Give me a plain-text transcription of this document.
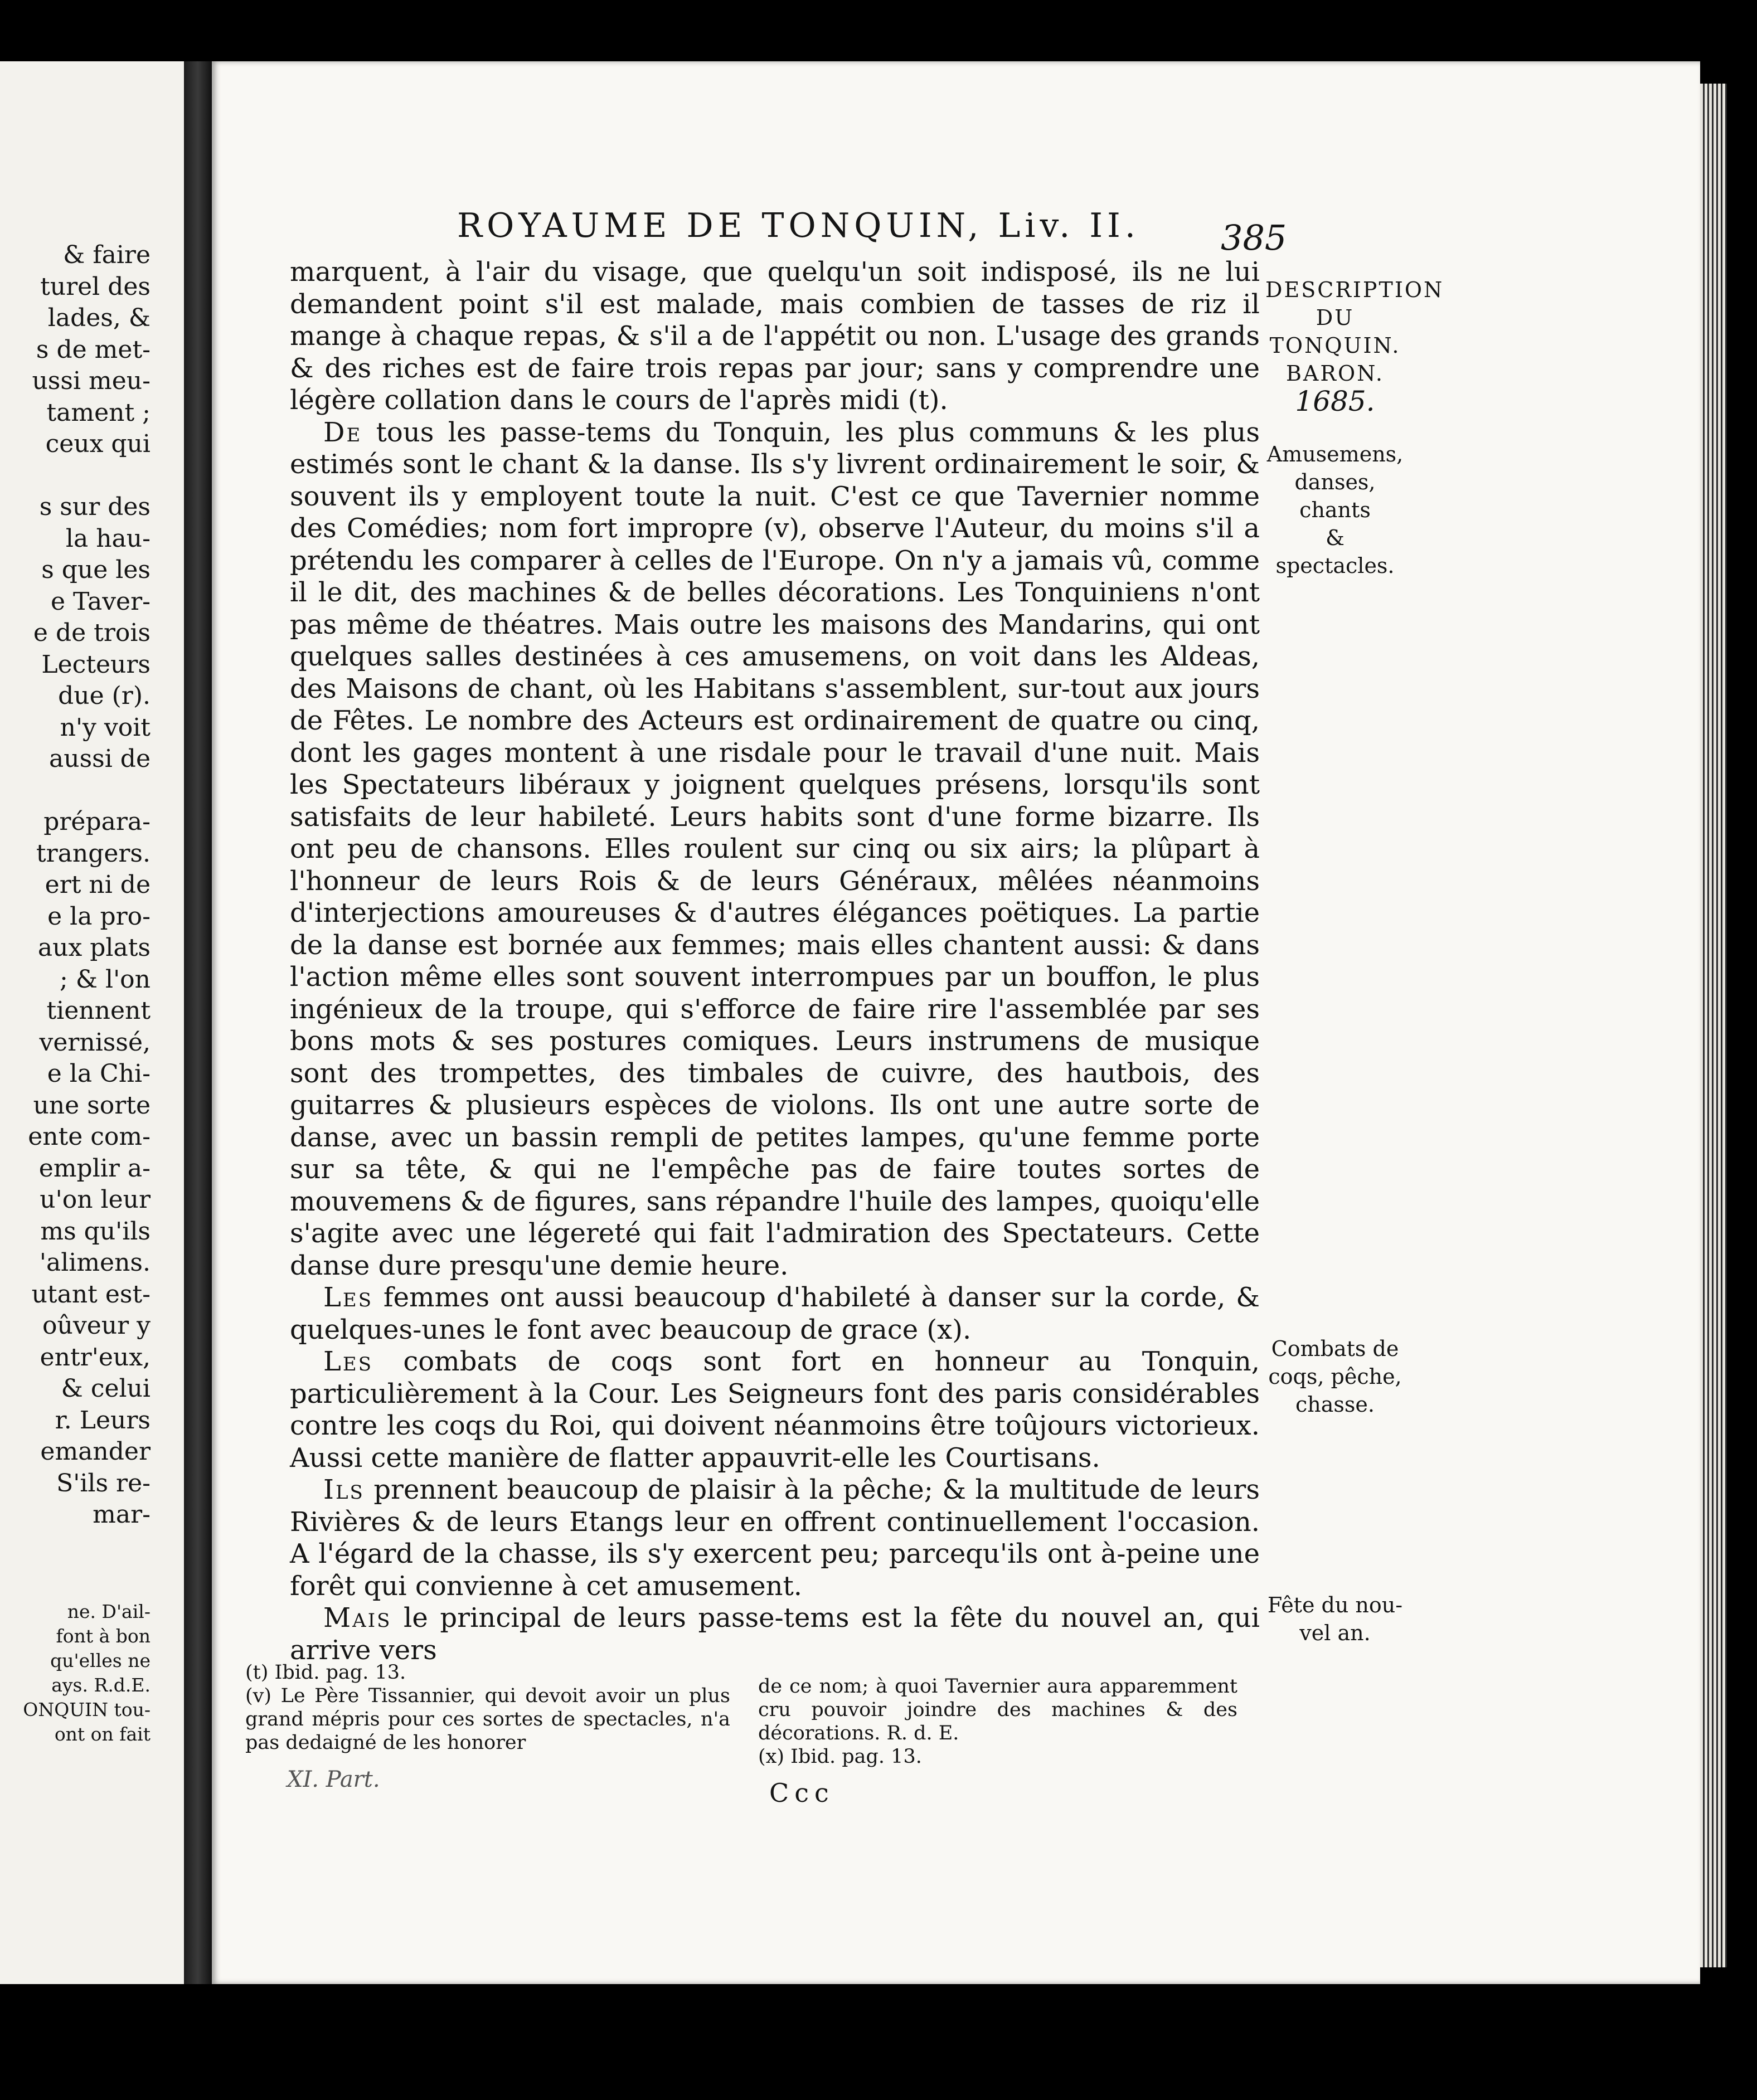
& faire
turel des
lades, &
s de met-
ussi meu-
tament ;
ceux qui

s sur des
la hau-
s que les
e Taver-
e de trois
Lecteurs
due (r).
n'y voit
aussi de

prépara-
trangers.
ert ni de
e la pro-
aux plats
; & l'on
tiennent
vernissé,
e la Chi-
une sorte
ente com-
emplir a-
u'on leur
ms qu'ils
'alimens.
utant est-
oûveur y
entr'eux,
& celui
r. Leurs
emander
S'ils re-
mar-
ne. D'ail-
font à bon
qu'elles ne
ays. R.d.E.
ONQUIN tou-
ont on fait
ROYAUME DE TONQUIN, Liv. II. 385
DESCRIPTION
DU TONQUIN.
BARON.
1685.
Amusemens,
danses, chants
& spectacles.
Combats de
coqs, pêche,
chasse.
Fête du nou-
vel an.

marquent, à l'air du visage, que quelqu'un soit indisposé, ils ne lui demandent point s'il est malade, mais combien de tasses de riz il mange à chaque repas, & s'il a de l'appétit ou non. L'usage des grands & des riches est de faire trois repas par jour; sans y comprendre une légère collation dans le cours de l'après midi (t).

De tous les passe-tems du Tonquin, les plus communs & les plus estimés sont le chant & la danse. Ils s'y livrent ordinairement le soir, & souvent ils y employent toute la nuit. C'est ce que Tavernier nomme des Comédies; nom fort impropre (v), observe l'Auteur, du moins s'il a prétendu les comparer à celles de l'Europe. On n'y a jamais vû, comme il le dit, des machines & de belles décorations. Les Tonquiniens n'ont pas même de théatres. Mais outre les maisons des Mandarins, qui ont quelques salles destinées à ces amusemens, on voit dans les Aldeas, des Maisons de chant, où les Habitans s'assemblent, sur-tout aux jours de Fêtes. Le nombre des Acteurs est ordinairement de quatre ou cinq, dont les gages montent à une risdale pour le travail d'une nuit. Mais les Spectateurs libéraux y joignent quelques présens, lorsqu'ils sont satisfaits de leur habileté. Leurs habits sont d'une forme bizarre. Ils ont peu de chansons. Elles roulent sur cinq ou six airs; la plûpart à l'honneur de leurs Rois & de leurs Généraux, mêlées néanmoins d'interjections amoureuses & d'autres élégances poëtiques. La partie de la danse est bornée aux femmes; mais elles chantent aussi: & dans l'action même elles sont souvent interrompues par un bouffon, le plus ingénieux de la troupe, qui s'efforce de faire rire l'assemblée par ses bons mots & ses postures comiques. Leurs instrumens de musique sont des trompettes, des timbales de cuivre, des hautbois, des guitarres & plusieurs espèces de violons. Ils ont une autre sorte de danse, avec un bassin rempli de petites lampes, qu'une femme porte sur sa tête, & qui ne l'empêche pas de faire toutes sortes de mouvemens & de figures, sans répandre l'huile des lampes, quoiqu'elle s'agite avec une légereté qui fait l'admiration des Spectateurs. Cette danse dure presqu'une demie heure.

Les femmes ont aussi beaucoup d'habileté à danser sur la corde, & quelques-unes le font avec beaucoup de grace (x).

Les combats de coqs sont fort en honneur au Tonquin, particulièrement à la Cour. Les Seigneurs font des paris considérables contre les coqs du Roi, qui doivent néanmoins être toûjours victorieux. Aussi cette manière de flatter appauvrit-elle les Courtisans.

Ils prennent beaucoup de plaisir à la pêche; & la multitude de leurs Rivières & de leurs Etangs leur en offrent continuellement l'occasion. A l'égard de la chasse, ils s'y exercent peu; parcequ'ils ont à-peine une forêt qui convienne à cet amusement.

Mais le principal de leurs passe-tems est la fête du nouvel an, qui arrive vers

(t) Ibid. pag. 13.
(v) Le Père Tissannier, qui devoit avoir un plus grand mépris pour ces sortes de spectacles, n'a pas dedaigné de les honorer
de ce nom; à quoi Tavernier aura apparemment cru pouvoir joindre des machines & des décorations. R. d. E.
(x) Ibid. pag. 13.
XI. Part.	Ccc
